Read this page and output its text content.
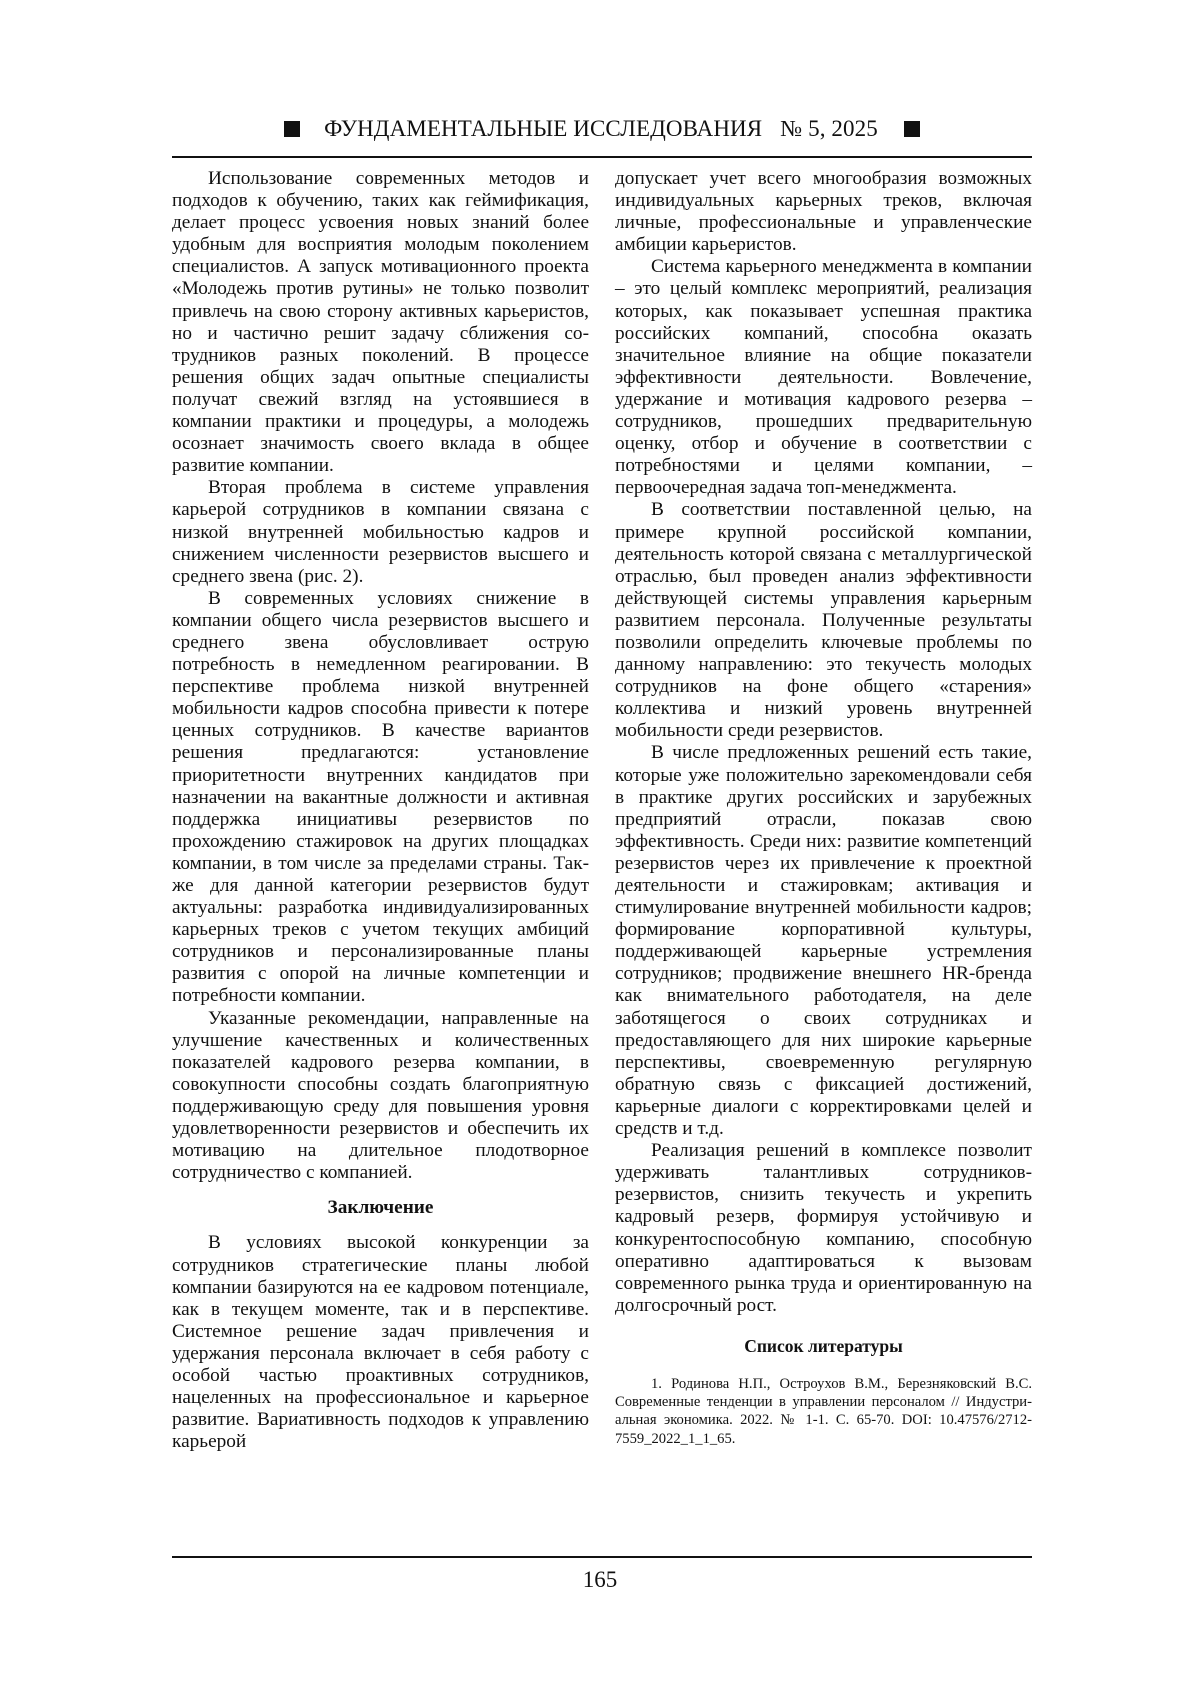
ФУНДАМЕНТАЛЬНЫЕ ИССЛЕДОВАНИЯ № 5, 2025

Использование современных методов и подходов к обучению, таких как геймификация, делает процесс усвоения новых знаний более удобным для восприятия молодым поколением специалистов. А запуск мотивационного проекта «Молодежь против рутины» не только позволит привлечь на свою сторону активных карьеристов, но и частично решит задачу сближения сотрудников разных поколений. В процессе решения общих задач опытные специалисты получат свежий взгляд на устоявшиеся в компании практики и процедуры, а молодежь осознает значимость своего вклада в общее развитие компании.

Вторая проблема в системе управления карьерой сотрудников в компании связана с низкой внутренней мобильностью кадров и снижением численности резервистов высшего и среднего звена (рис. 2).

В современных условиях снижение в компании общего числа резервистов высшего и среднего звена обусловливает острую потребность в немедленном реагировании. В перспективе проблема низкой внутренней мобильности кадров способна привести к потере ценных сотрудников. В качестве вариантов решения предлагаются: установление приоритетности внутренних кандидатов при назначении на вакантные должности и активная поддержка инициативы резервистов по прохождению стажировок на других площадках компании, в том числе за пределами страны. Также для данной категории резервистов будут актуальны: разработка индивидуализированных карьерных треков с учетом текущих амбиций сотрудников и персонализированные планы развития с опорой на личные компетенции и потребности компании.

Указанные рекомендации, направленные на улучшение качественных и количественных показателей кадрового резерва компании, в совокупности способны создать благоприятную поддерживающую среду для повышения уровня удовлетворенности резервистов и обеспечить их мотивацию на длительное плодотворное сотрудничество с компанией.

Заключение

В условиях высокой конкуренции за сотрудников стратегические планы любой компании базируются на ее кадровом потенциале, как в текущем моменте, так и в перспективе. Системное решение задач привлечения и удержания персонала включает в себя работу с особой частью проактивных сотрудников, нацеленных на профессиональное и карьерное развитие. Вариативность подходов к управлению карьерой

допускает учет всего многообразия возможных индивидуальных карьерных треков, включая личные, профессиональные и управленческие амбиции карьеристов.

Система карьерного менеджмента в компании – это целый комплекс мероприятий, реализация которых, как показывает успешная практика российских компаний, способна оказать значительное влияние на общие показатели эффективности деятельности. Вовлечение, удержание и мотивация кадрового резерва – сотрудников, прошедших предварительную оценку, отбор и обучение в соответствии с потребностями и целями компании, – первоочередная задача топ-менеджмента.

В соответствии поставленной целью, на примере крупной российской компании, деятельность которой связана с металлургической отраслью, был проведен анализ эффективности действующей системы управления карьерным развитием персонала. Полученные результаты позволили определить ключевые проблемы по данному направлению: это текучесть молодых сотрудников на фоне общего «старения» коллектива и низкий уровень внутренней мобильности среди резервистов.

В числе предложенных решений есть такие, которые уже положительно зарекомендовали себя в практике других российских и зарубежных предприятий отрасли, показав свою эффективность. Среди них: развитие компетенций резервистов через их привлечение к проектной деятельности и стажировкам; активация и стимулирование внутренней мобильности кадров; формирование корпоративной культуры, поддерживающей карьерные устремления сотрудников; продвижение внешнего HR-бренда как внимательного работодателя, на деле заботящегося о своих сотрудниках и предоставляющего для них широкие карьерные перспективы, своевременную регулярную обратную связь с фиксацией достижений, карьерные диалоги с корректировками целей и средств и т.д.

Реализация решений в комплексе позволит удерживать талантливых сотрудников-резервистов, снизить текучесть и укрепить кадровый резерв, формируя устойчивую и конкурентоспособную компанию, способную оперативно адаптироваться к вызовам современного рынка труда и ориентированную на долгосрочный рост.

Список литературы

1. Родинова Н.П., Остроухов В.М., Березняковский В.С. Современные тенденции в управлении персоналом // Индустриальная экономика. 2022. № 1-1. С. 65-70. DOI: 10.47576/2712-7559_2022_1_1_65.

165
